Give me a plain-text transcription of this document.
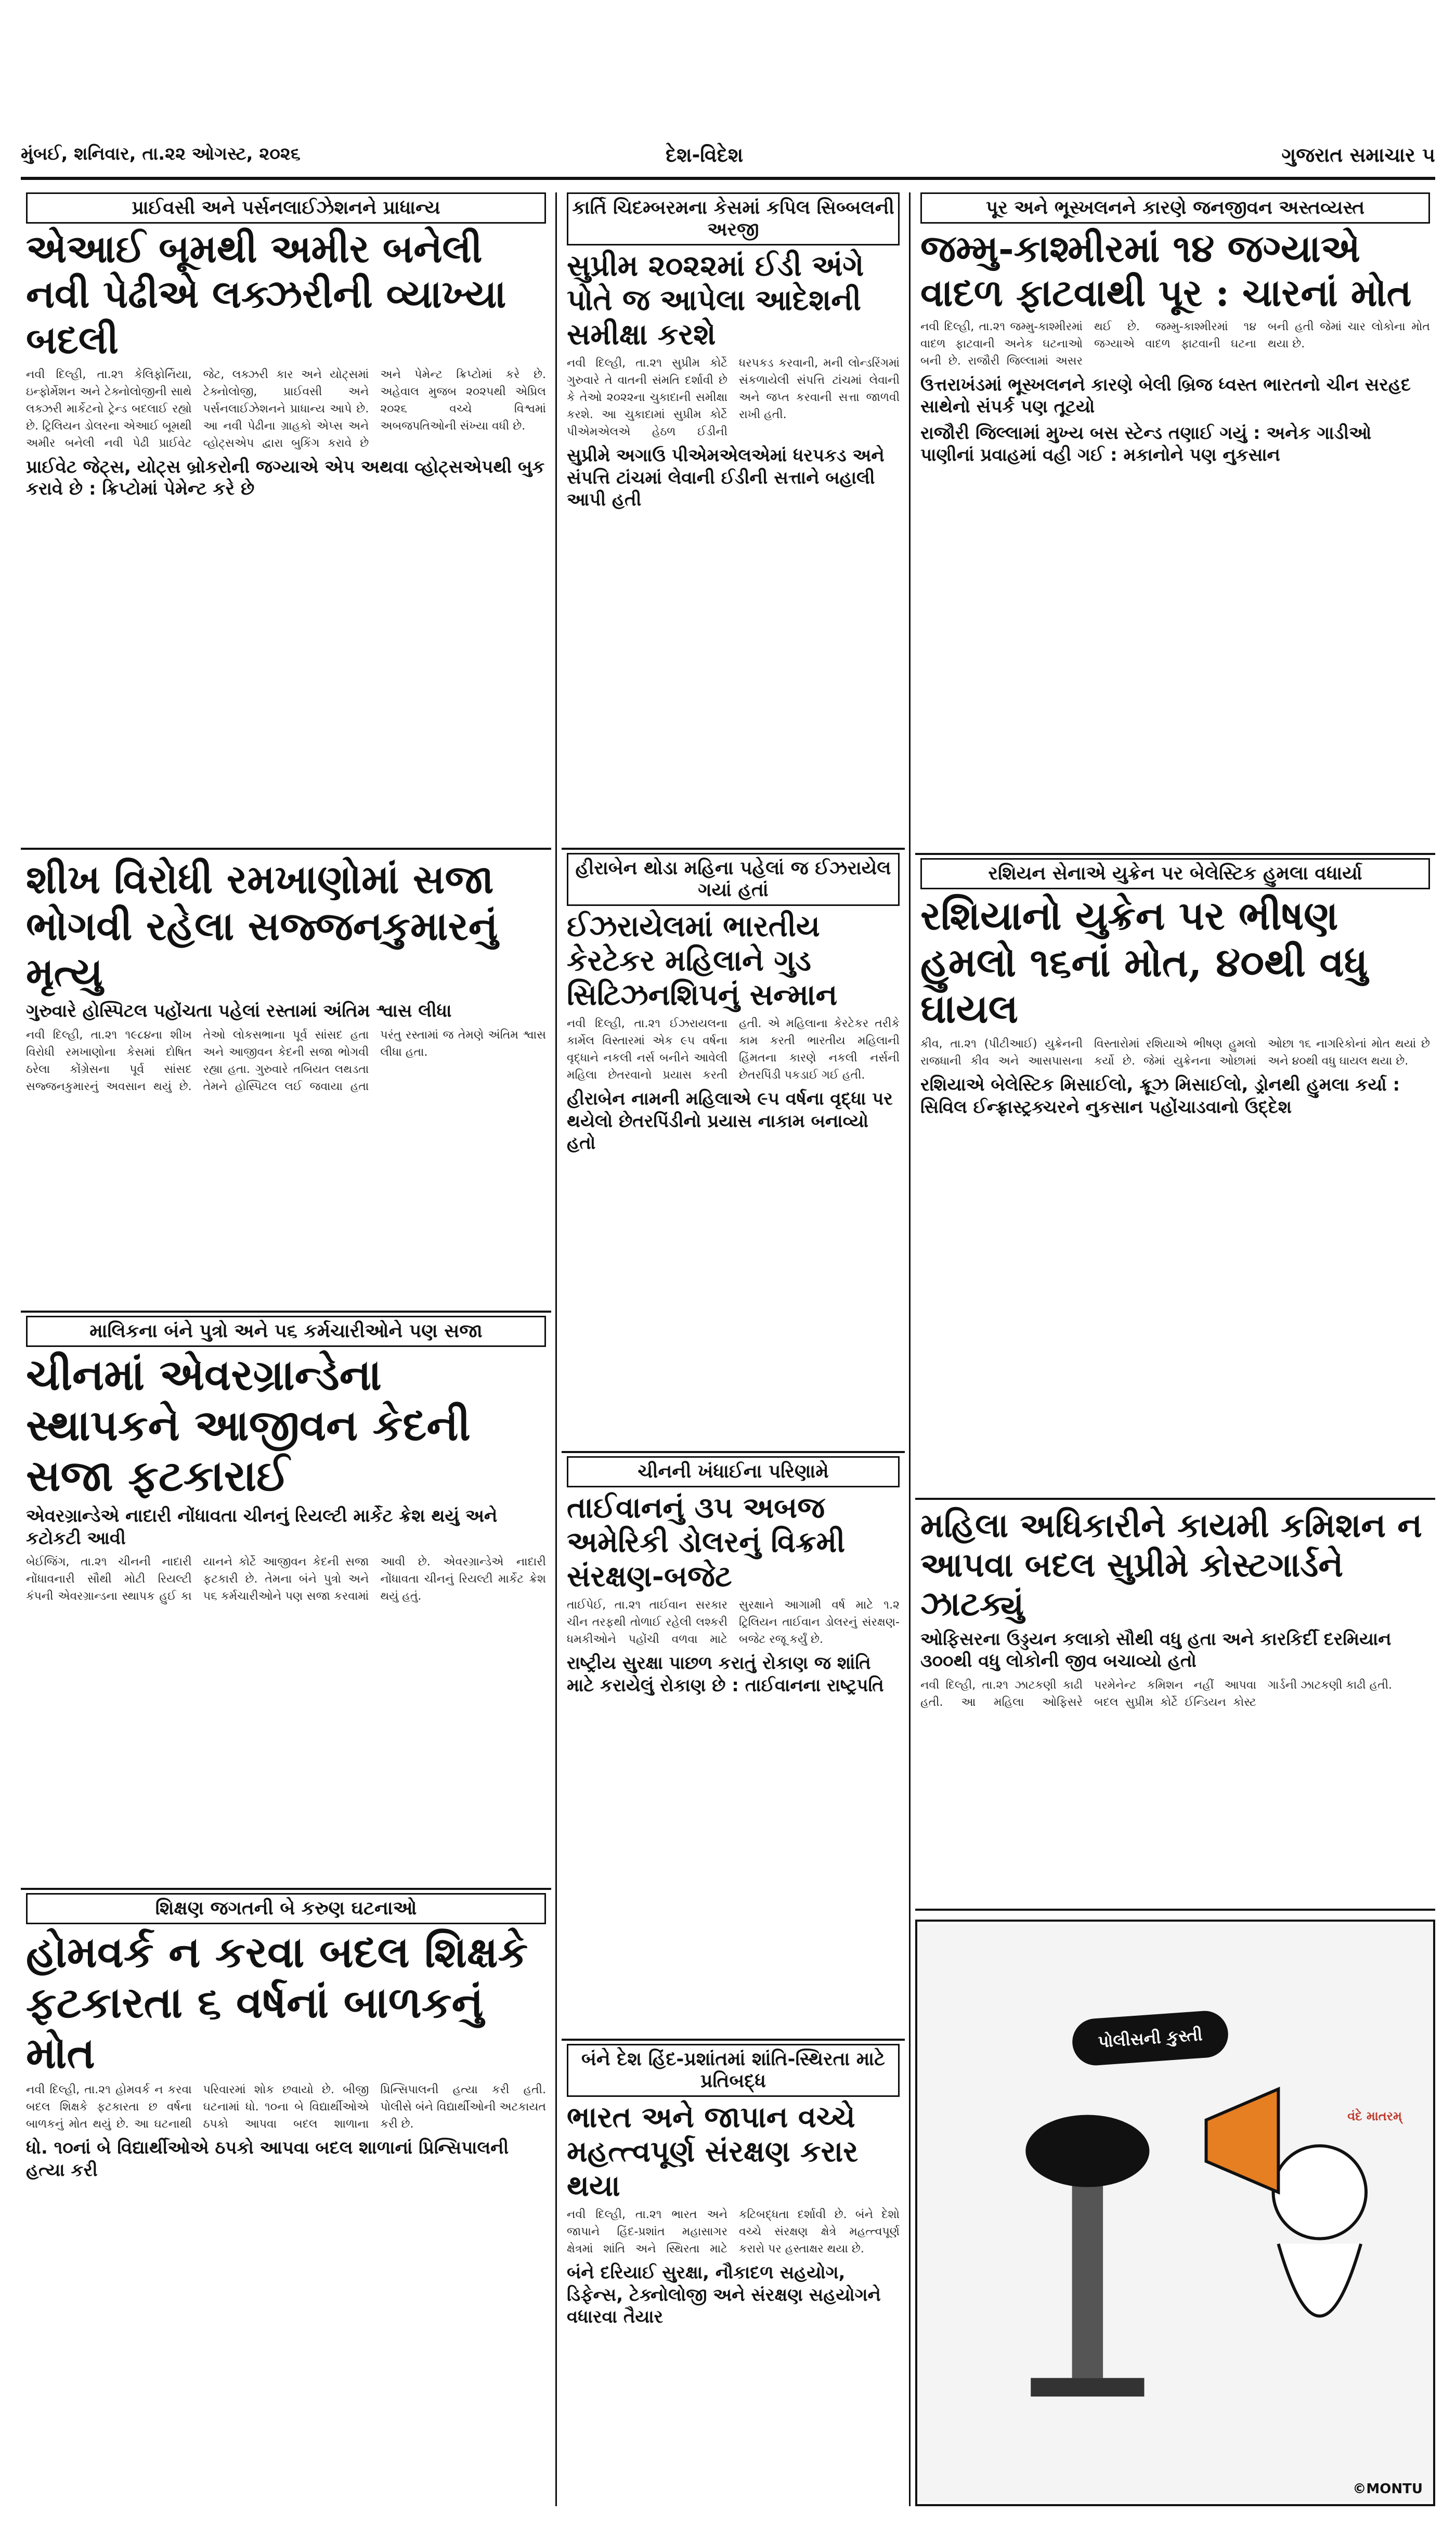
મુંબઈ, શનિવાર, તા.૨૨ ઓગસ્ટ, ૨૦૨૬	દેશ-વિદેશ	ગુજરાત સમાચાર ૫
પ્રાઈવસી અને પર્સનલાઈઝેશનને પ્રાધાન્ય
એઆઈ બૂમથી અમીર બનેલી નવી પેઢીએ લક્ઝરીની વ્યાખ્યા બદલી
નવી દિલ્હી, તા.૨૧ કેલિફોર્નિયા, ઇન્ફોર્મેશન અને ટેક્નોલોજીની સાથે લક્ઝરી માર્કેટનો ટ્રેન્ડ બદલાઈ રહ્યો છે. ટ્રિલિયન ડોલરના એઆઈ બૂમથી અમીર બનેલી નવી પેઢી પ્રાઈવેટ જેટ, લક્ઝરી કાર અને યોટ્સમાં ટેક્નોલોજી, પ્રાઈવસી અને પર્સનલાઈઝેશનને પ્રાધાન્ય આપે છે. આ નવી પેઢીના ગ્રાહકો એપ્સ અને વ્હોટ્સએપ દ્વારા બુકિંગ કરાવે છે અને પેમેન્ટ ક્રિપ્ટોમાં કરે છે. અહેવાલ મુજબ ૨૦૨૫થી એપ્રિલ ૨૦૨૬ વચ્ચે વિશ્વમાં અબજપતિઓની સંખ્યા વધી છે.
પ્રાઈવેટ જેટ્સ, યોટ્સ બ્રોકરોની જગ્યાએ એપ અથવા વ્હોટ્સએપથી બુક કરાવે છે : ક્રિપ્ટોમાં પેમેન્ટ કરે છે
શીખ વિરોધી રમખાણોમાં સજા ભોગવી રહેલા સજ્જનકુમારનું મૃત્યુ
ગુરુવારે હોસ્પિટલ પહોંચતા પહેલાં રસ્તામાં અંતિમ શ્વાસ લીધા
નવી દિલ્હી, તા.૨૧ ૧૯૮૪ના શીખ વિરોધી રમખાણોના કેસમાં દોષિત ઠરેલા કોંગ્રેસના પૂર્વ સાંસદ સજ્જનકુમારનું અવસાન થયું છે. તેઓ લોકસભાના પૂર્વ સાંસદ હતા અને આજીવન કેદની સજા ભોગવી રહ્યા હતા. ગુરુવારે તબિયત લથડતા તેમને હોસ્પિટલ લઈ જવાયા હતા પરંતુ રસ્તામાં જ તેમણે અંતિમ શ્વાસ લીધા હતા.
માલિકના બંને પુત્રો અને ૫૬ કર્મચારીઓને પણ સજા
ચીનમાં એવરગ્રાન્ડેના સ્થાપકને આજીવન કેદની સજા ફટકારાઈ
એવરગ્રાન્ડેએ નાદારી નોંધાવતા ચીનનું રિયલ્ટી માર્કેટ ક્રેશ થયું અને કટોકટી આવી
બેઈજિંગ, તા.૨૧ ચીનની નાદારી નોંધાવનારી સૌથી મોટી રિયલ્ટી કંપની એવરગ્રાન્ડના સ્થાપક હુઈ કા યાનને કોર્ટે આજીવન કેદની સજા ફટકારી છે. તેમના બંને પુત્રો અને ૫૬ કર્મચારીઓને પણ સજા કરવામાં આવી છે. એવરગ્રાન્ડેએ નાદારી નોંધાવતા ચીનનું રિયલ્ટી માર્કેટ ક્રેશ થયું હતું.
શિક્ષણ જગતની બે કરુણ ઘટનાઓ
હોમવર્ક ન કરવા બદલ શિક્ષકે ફટકારતા ૬ વર્ષનાં બાળકનું મોત
નવી દિલ્હી, તા.૨૧ હોમવર્ક ન કરવા બદલ શિક્ષકે ફટકારતા છ વર્ષના બાળકનું મોત થયું છે. આ ઘટનાથી પરિવારમાં શોક છવાયો છે. બીજી ઘટનામાં ધો. ૧૦ના બે વિદ્યાર્થીઓએ ઠપકો આપવા બદલ શાળાના પ્રિન્સિપાલની હત્યા કરી હતી. પોલીસે બંને વિદ્યાર્થીઓની અટકાયત કરી છે.
ધો. ૧૦નાં બે વિદ્યાર્થીઓએ ઠપકો આપવા બદલ શાળાનાં પ્રિન્સિપાલની હત્યા કરી
કાર્તિ ચિદમ્બરમના કેસમાં કપિલ સિબ્બલની અરજી
સુપ્રીમ ૨૦૨૨માં ઈડી અંગે પોતે જ આપેલા આદેશની સમીક્ષા કરશે
નવી દિલ્હી, તા.૨૧ સુપ્રીમ કોર્ટે ગુરુવારે તે વાતની સંમતિ દર્શાવી છે કે તેઓ ૨૦૨૨ના ચુકાદાની સમીક્ષા કરશે. આ ચુકાદામાં સુપ્રીમ કોર્ટે પીએમએલએ હેઠળ ઈડીની ધરપકડ કરવાની, મની લોન્ડરિંગમાં સંકળાયેલી સંપત્તિ ટાંચમાં લેવાની અને જપ્ત કરવાની સત્તા જાળવી રાખી હતી.
સુપ્રીમે અગાઉ પીએમએલએમાં ધરપકડ અને સંપત્તિ ટાંચમાં લેવાની ઈડીની સત્તાને બહાલી આપી હતી
હીરાબેન થોડા મહિના પહેલાં જ ઈઝરાયેલ ગયાં હતાં
ઈઝરાયેલમાં ભારતીય કેરટેકર મહિલાને ગુડ સિટિઝનશિપનું સન્માન
નવી દિલ્હી, તા.૨૧ ઈઝરાયલના કાર્મેલ વિસ્તારમાં એક ૯૫ વર્ષના વૃદ્ધાને નકલી નર્સ બનીને આવેલી મહિલા છેતરવાનો પ્રયાસ કરતી હતી. એ મહિલાના કેરટેકર તરીકે કામ કરતી ભારતીય મહિલાની હિંમતના કારણે નકલી નર્સની છેતરપિંડી પકડાઈ ગઈ હતી.
હીરાબેન નામની મહિલાએ ૯૫ વર્ષના વૃદ્ધા પર થયેલો છેતરપિંડીનો પ્રયાસ નાકામ બનાવ્યો હતો
ચીનની ખંધાઈના પરિણામે
તાઈવાનનું ૩૫ અબજ અમેરિકી ડોલરનું વિક્રમી સંરક્ષણ-બજેટ
તાઈપેઈ, તા.૨૧ તાઈવાન સરકાર ચીન તરફથી તોળાઈ રહેલી લશ્કરી ધમકીઓને પહોંચી વળવા માટે સુરક્ષાને આગામી વર્ષ માટે ૧.૨ ટ્રિલિયન તાઈવાન ડોલરનું સંરક્ષણ-બજેટ રજૂ કર્યું છે.
રાષ્ટ્રીય સુરક્ષા પાછળ કરાતું રોકાણ જ શાંતિ માટે કરાયેલું રોકાણ છે : તાઈવાનના રાષ્ટ્રપતિ
બંને દેશ હિંદ-પ્રશાંતમાં શાંતિ-સ્થિરતા માટે પ્રતિબદ્ધ
ભારત અને જાપાન વચ્ચે મહત્ત્વપૂર્ણ સંરક્ષણ કરાર થયા
નવી દિલ્હી, તા.૨૧ ભારત અને જાપાને હિંદ-પ્રશાંત મહાસાગર ક્ષેત્રમાં શાંતિ અને સ્થિરતા માટે કટિબદ્ધતા દર્શાવી છે. બંને દેશો વચ્ચે સંરક્ષણ ક્ષેત્રે મહત્ત્વપૂર્ણ કરારો પર હસ્તાક્ષર થયા છે.
બંને દરિયાઈ સુરક્ષા, નૌકાદળ સહયોગ, ડિફેન્સ, ટેક્નોલોજી અને સંરક્ષણ સહયોગને વધારવા તૈયાર
પૂર અને ભૂસ્ખલનને કારણે જનજીવન અસ્તવ્યસ્ત
જમ્મુ-કાશ્મીરમાં ૧૪ જગ્યાએ વાદળ ફાટવાથી પૂર : ચારનાં મોત
નવી દિલ્હી, તા.૨૧ જમ્મુ-કાશ્મીરમાં વાદળ ફાટવાની અનેક ઘટનાઓ બની છે. રાજૌરી જિલ્લામાં અસર થઈ છે. જમ્મુ-કાશ્મીરમાં ૧૪ જગ્યાએ વાદળ ફાટવાની ઘટના બની હતી જેમાં ચાર લોકોના મોત થયા છે.
ઉત્તરાખંડમાં ભૂસ્ખલનને કારણે બેલી બ્રિજ ધ્વસ્ત ભારતનો ચીન સરહદ સાથેનો સંપર્ક પણ તૂટયો
રાજૌરી જિલ્લામાં મુખ્ય બસ સ્ટેન્ડ તણાઈ ગયું : અનેક ગાડીઓ પાણીનાં પ્રવાહમાં વહી ગઈ : મકાનોને પણ નુકસાન
રશિયન સેનાએ યુક્રેન પર બેલેસ્ટિક હુમલા વધાર્યા
રશિયાનો યુક્રેન પર ભીષણ હુમલો ૧૬નાં મોત, ૪૦થી વધુ ઘાયલ
કીવ, તા.૨૧ (પીટીઆઈ) યુક્રેનની રાજધાની કીવ અને આસપાસના વિસ્તારોમાં રશિયાએ ભીષણ હુમલો કર્યો છે. જેમાં યુક્રેનના ઓછામાં ઓછા ૧૬ નાગરિકોનાં મોત થયાં છે અને ૪૦થી વધુ ઘાયલ થયા છે.
રશિયાએ બેલેસ્ટિક મિસાઈલો, ક્રૂઝ મિસાઈલો, ડ્રોનથી હુમલા કર્યા : સિવિલ ઈન્ફ્રાસ્ટ્રક્ચરને નુકસાન પહોંચાડવાનો ઉદ્દેશ
મહિલા અધિકારીને કાયમી કમિશન ન આપવા બદલ સુપ્રીમે કોસ્ટગાર્ડને ઝાટક્યું
ઓફિસરના ઉડ્ડયન કલાકો સૌથી વધુ હતા અને કારકિર્દી દરમિયાન ૩૦૦થી વધુ લોકોની જીવ બચાવ્યો હતો
નવી દિલ્હી, તા.૨૧ ઝાટકણી કાઢી હતી. આ મહિલા ઓફિસરે પરમેનેન્ટ કમિશન નહીં આપવા બદલ સુપ્રીમ કોર્ટે ઈન્ડિયન કોસ્ટ ગાર્ડની ઝાટકણી કાઢી હતી.
પોલીસની કુસ્તી
વંદે માતરમ્
©MONTU
